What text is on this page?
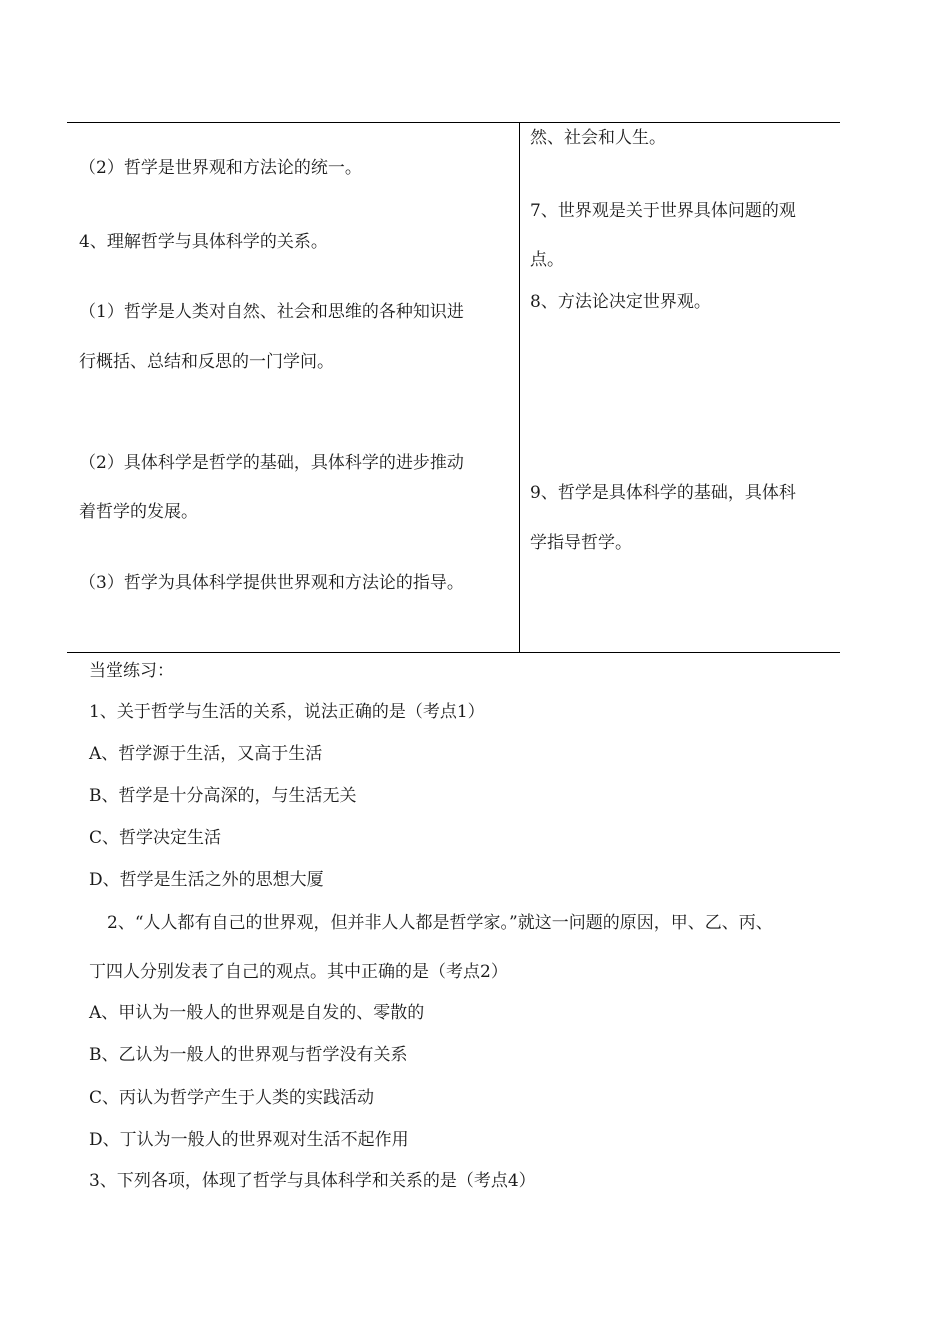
（2）哲学是世界观和方法论的统一。
4、理解哲学与具体科学的关系。
（1）哲学是人类对自然、社会和思维的各种知识进
行概括、总结和反思的一门学问。
（2）具体科学是哲学的基础，具体科学的进步推动
着哲学的发展。
（3）哲学为具体科学提供世界观和方法论的指导。
然、社会和人生。
7、世界观是关于世界具体问题的观
点。
8、方法论决定世界观。
9、哲学是具体科学的基础，具体科
学指导哲学。
当堂练习：
1、关于哲学与生活的关系，说法正确的是（考点1）
A、哲学源于生活，又高于生活
B、哲学是十分高深的，与生活无关
C、哲学决定生活
D、哲学是生活之外的思想大厦
2、“人人都有自己的世界观，但并非人人都是哲学家。”就这一问题的原因，甲、乙、丙、
丁四人分别发表了自己的观点。其中正确的是（考点2）
A、甲认为一般人的世界观是自发的、零散的
B、乙认为一般人的世界观与哲学没有关系
C、丙认为哲学产生于人类的实践活动
D、丁认为一般人的世界观对生活不起作用
3、下列各项，体现了哲学与具体科学和关系的是（考点4）
